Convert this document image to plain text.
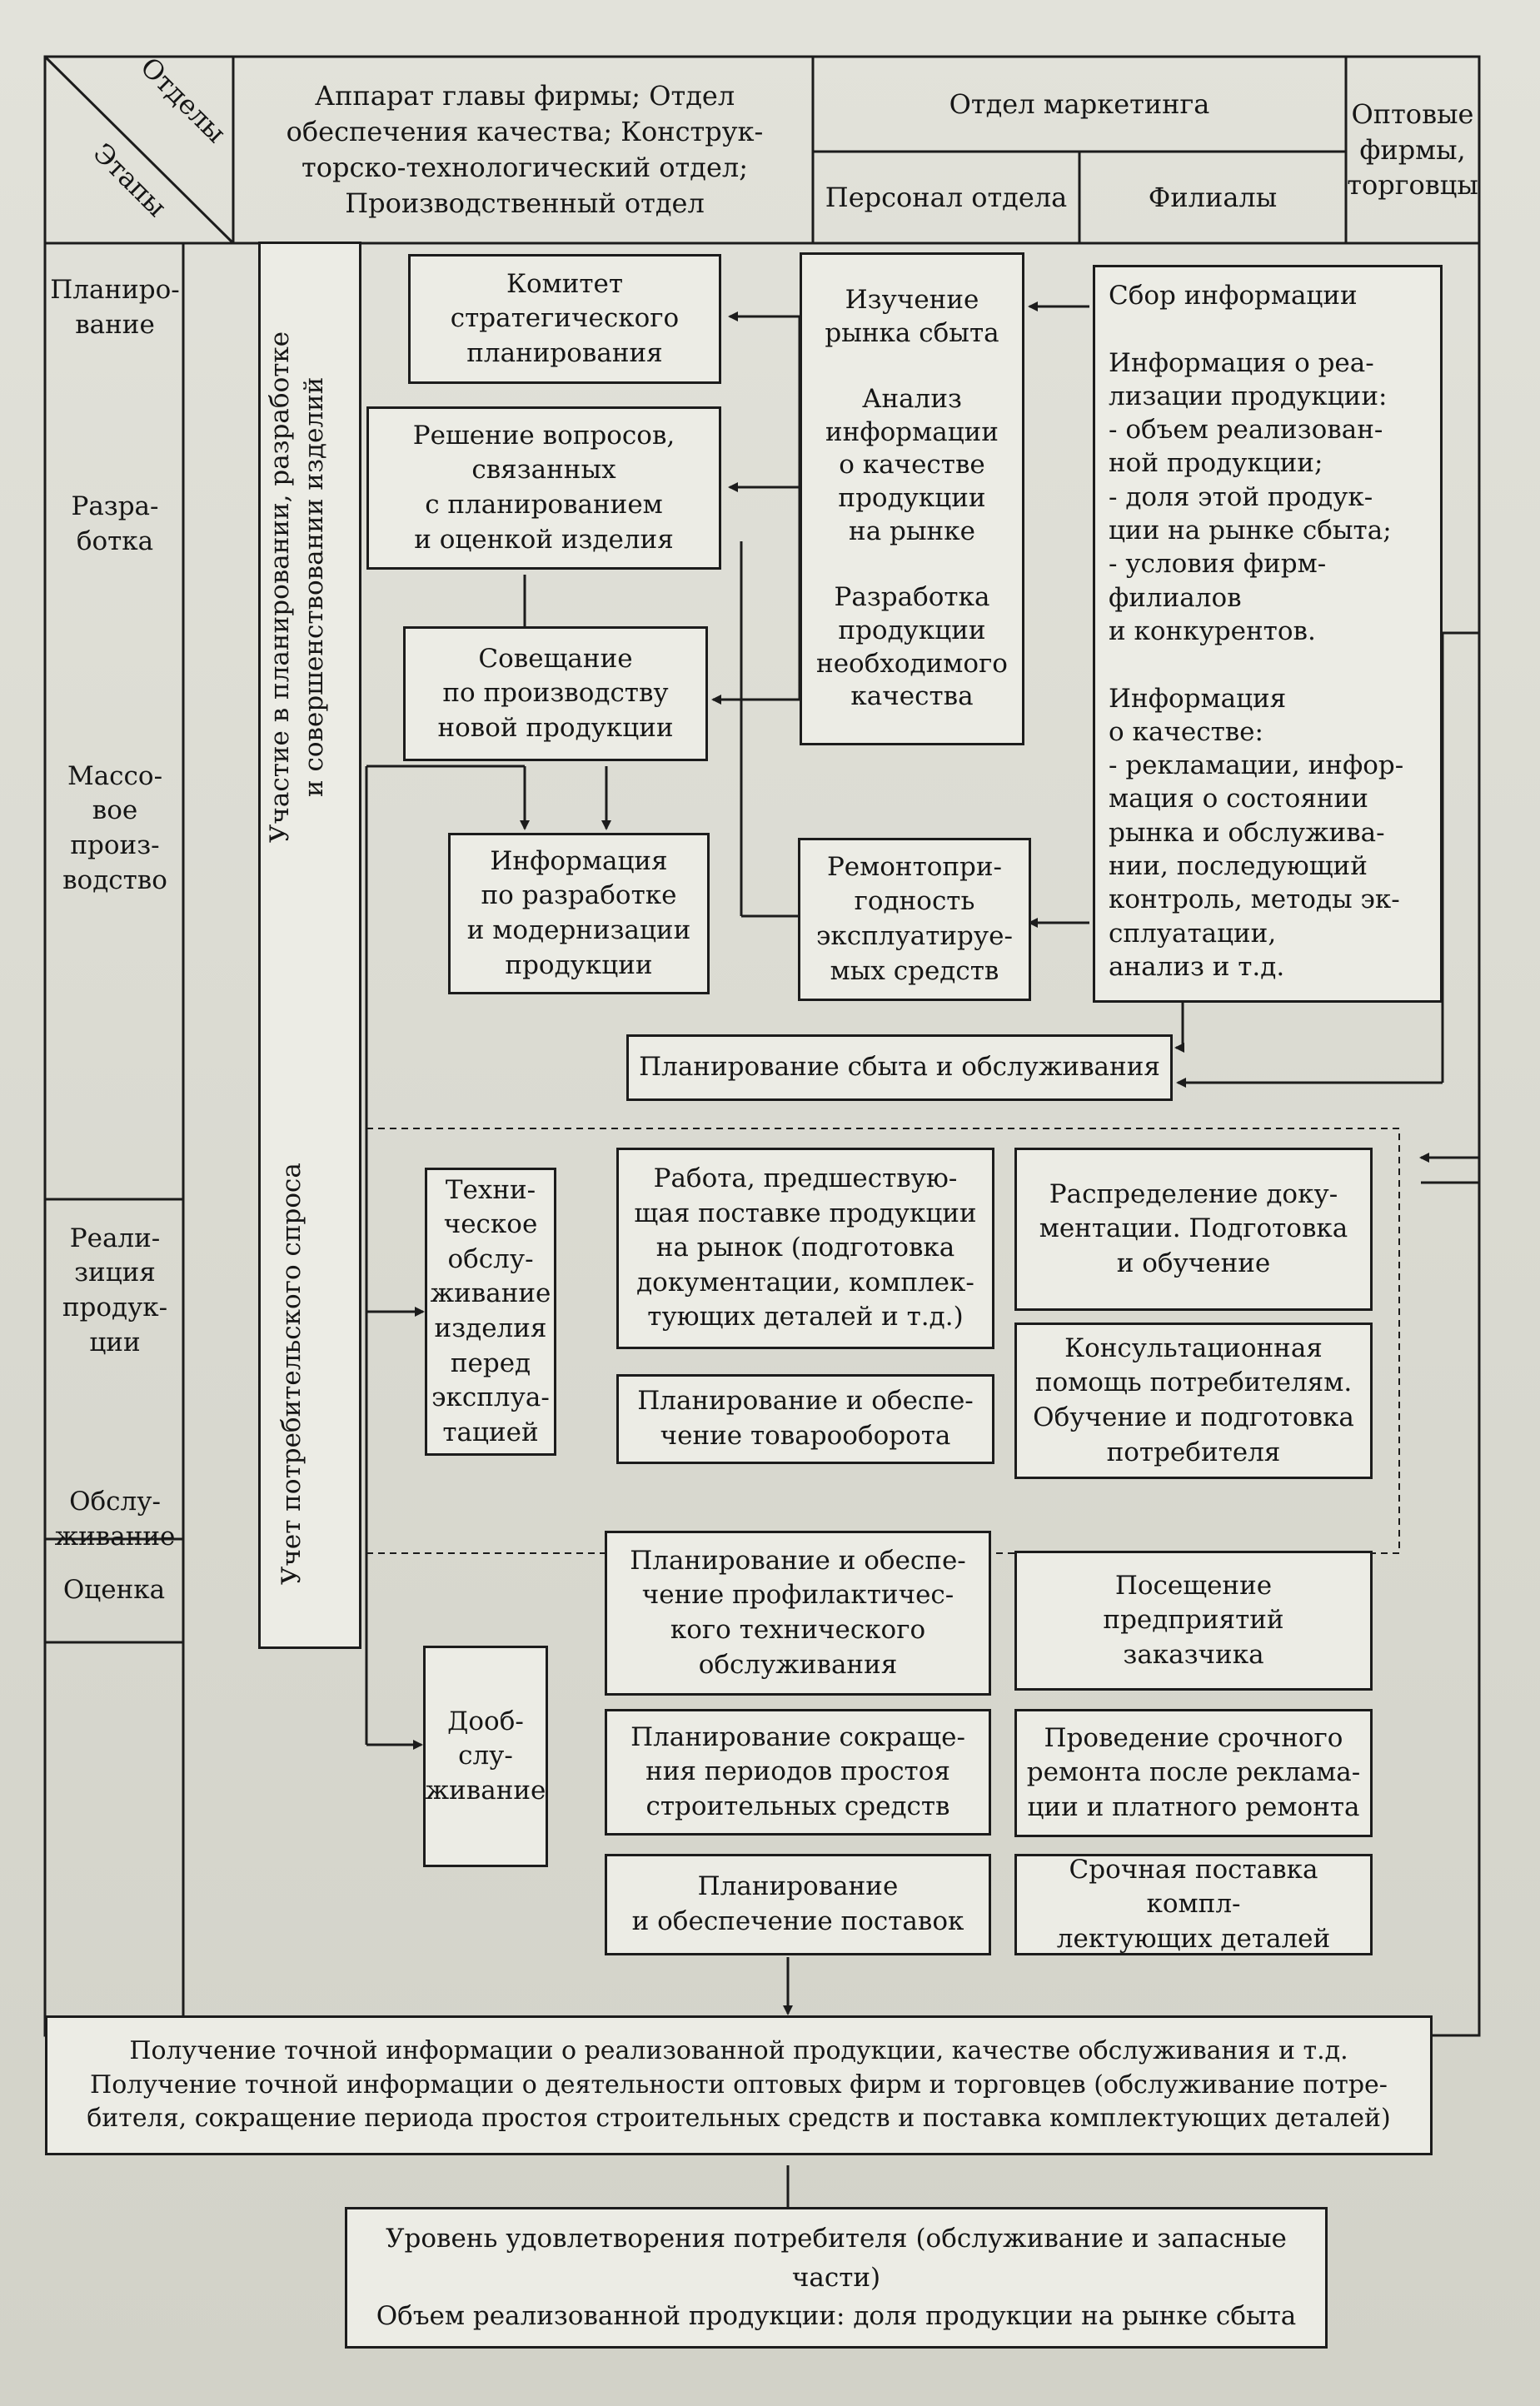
Отделы
Этапы
Аппарат главы фирмы; Отдел
обеспечения качества; Конструк-
торско-технологический отдел;
Производственный отдел
Отдел маркетинга
Персонал отдела	Филиалы
Оптовые
фирмы,
торговцы
Планиро-
вание
Разра-
ботка
Массо-
вое
произ-
водство
Реали-
зиция
продук-
ции
Обслу-
живание
Оценка
Участие в планировании, разработке
и совершенствовании изделий
Учет потребительского спроса
Комитет
стратегического
планирования
Решение вопросов,
связанных
с планированием
и оценкой изделия
Совещание
по производству
новой продукции
Информация
по разработке
и модернизации
продукции
Изучение
рынка сбыта

Анализ
информации
о качестве
продукции
на рынке

Разработка
продукции
необходимого
качества
Ремонтопри-
годность
эксплуатируе-
мых средств
Сбор информации

Информация о реа-
лизации продукции:
- объем реализован-
ной продукции;
- доля этой продук-
ции на рынке сбыта;
- условия фирм-
филиалов
и конкурентов.

Информация
о качестве:
- рекламации, инфор-
мация о состоянии
рынка и обслужива-
нии, последующий
контроль, методы эк-
сплуатации,
анализ и т.д.
Планирование сбыта и обслуживания
Техни-
ческое
обслу-
живание
изделия
перед
эксплуа-
тацией
Работа, предшествую-
щая поставке продукции
на рынок (подготовка
документации, комплек-
тующих деталей и т.д.)
Распределение доку-
ментации. Подготовка
и обучение
Планирование и обеспе-
чение товарооборота
Консультационная
помощь потребителям.
Обучение и подготовка
потребителя
Дооб-
слу-
живание
Планирование и обеспе-
чение профилактичес-
кого технического
обслуживания
Посещение
предприятий
заказчика
Планирование сокраще-
ния периодов простоя
строительных средств
Проведение срочного
ремонта после реклама-
ции и платного ремонта
Планирование
и обеспечение поставок
Срочная поставка компл-
лектующих деталей
Получение точной информации о реализованной продукции, качестве обслуживания и т.д.
Получение точной информации о деятельности оптовых фирм и торговцев (обслуживание потре-
бителя, сокращение периода простоя строительных средств и поставка комплектующих деталей)
Уровень удовлетворения потребителя (обслуживание и запасные части)
Объем реализованной продукции: доля продукции на рынке сбыта
